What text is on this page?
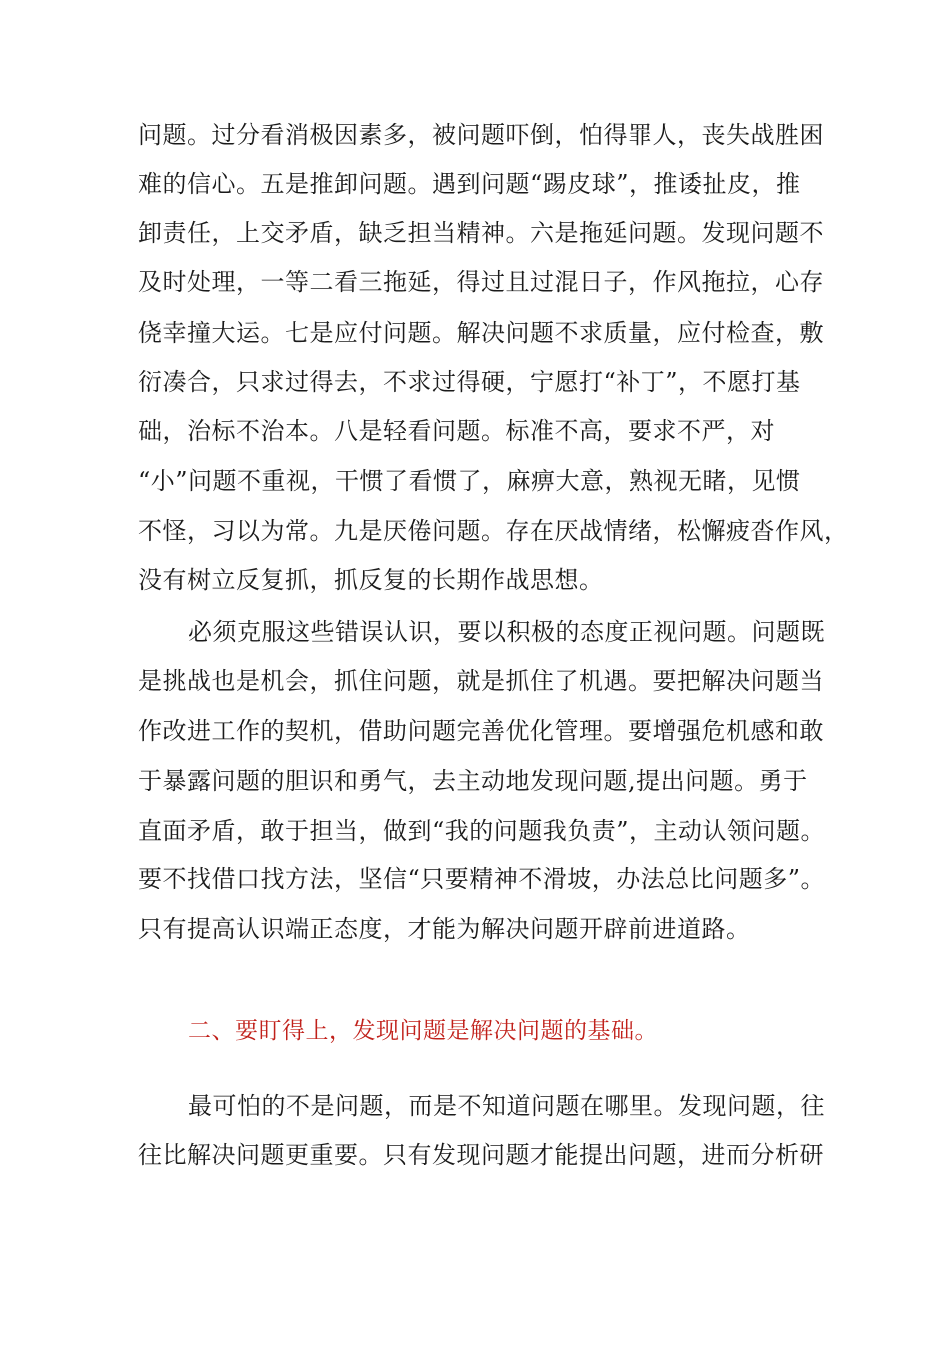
问题。过分看消极因素多，被问题吓倒，怕得罪人，丧失战胜困
难的信心。五是推卸问题。遇到问题“踢皮球”，推诿扯皮，推
卸责任，上交矛盾，缺乏担当精神。六是拖延问题。发现问题不
及时处理，一等二看三拖延，得过且过混日子，作风拖拉，心存
侥幸撞大运。七是应付问题。解决问题不求质量，应付检查，敷
衍凑合，只求过得去，不求过得硬，宁愿打“补丁”，不愿打基
础，治标不治本。八是轻看问题。标准不高，要求不严，对
“小”问题不重视，干惯了看惯了，麻痹大意，熟视无睹，见惯
不怪，习以为常。九是厌倦问题。存在厌战情绪，松懈疲沓作风，
没有树立反复抓，抓反复的长期作战思想。
必须克服这些错误认识，要以积极的态度正视问题。问题既
是挑战也是机会，抓住问题，就是抓住了机遇。要把解决问题当
作改进工作的契机，借助问题完善优化管理。要增强危机感和敢
于暴露问题的胆识和勇气，去主动地发现问题,提出问题。勇于
直面矛盾，敢于担当，做到“我的问题我负责”，主动认领问题。
要不找借口找方法，坚信“只要精神不滑坡，办法总比问题多”。
只有提高认识端正态度，才能为解决问题开辟前进道路。
二、要盯得上，发现问题是解决问题的基础。
最可怕的不是问题，而是不知道问题在哪里。发现问题，往
往比解决问题更重要。只有发现问题才能提出问题，进而分析研
